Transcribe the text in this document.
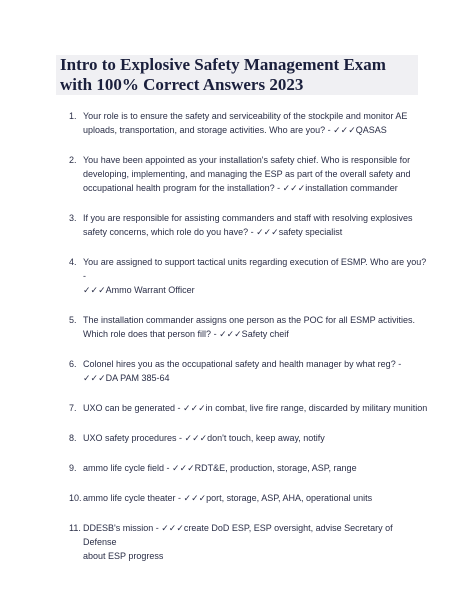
Intro to Explosive Safety Management Exam
with 100% Correct Answers 2023
1. Your role is to ensure the safety and serviceability of the stockpile and monitor AE
uploads, transportation, and storage activities. Who are you? - ✓✓✓QASAS
2. You have been appointed as your installation's safety chief. Who is responsible for
developing, implementing, and managing the ESP as part of the overall safety and
occupational health program for the installation? - ✓✓✓installation commander
3. If you are responsible for assisting commanders and staff with resolving explosives
safety concerns, which role do you have? - ✓✓✓safety specialist
4. You are assigned to support tactical units regarding execution of ESMP. Who are you? -
✓✓✓Ammo Warrant Officer
5. The installation commander assigns one person as the POC for all ESMP activities.
Which role does that person fill? - ✓✓✓Safety cheif
6. Colonel hires you as the occupational safety and health manager by what reg? -
✓✓✓DA PAM 385-64
7. UXO can be generated - ✓✓✓in combat, live fire range, discarded by military munition
8. UXO safety procedures - ✓✓✓don't touch, keep away, notify
9. ammo life cycle field - ✓✓✓RDT&E, production, storage, ASP, range
10. ammo life cycle theater - ✓✓✓port, storage, ASP, AHA, operational units
11. DDESB's mission - ✓✓✓create DoD ESP, ESP oversight, advise Secretary of Defense
about ESP progress
